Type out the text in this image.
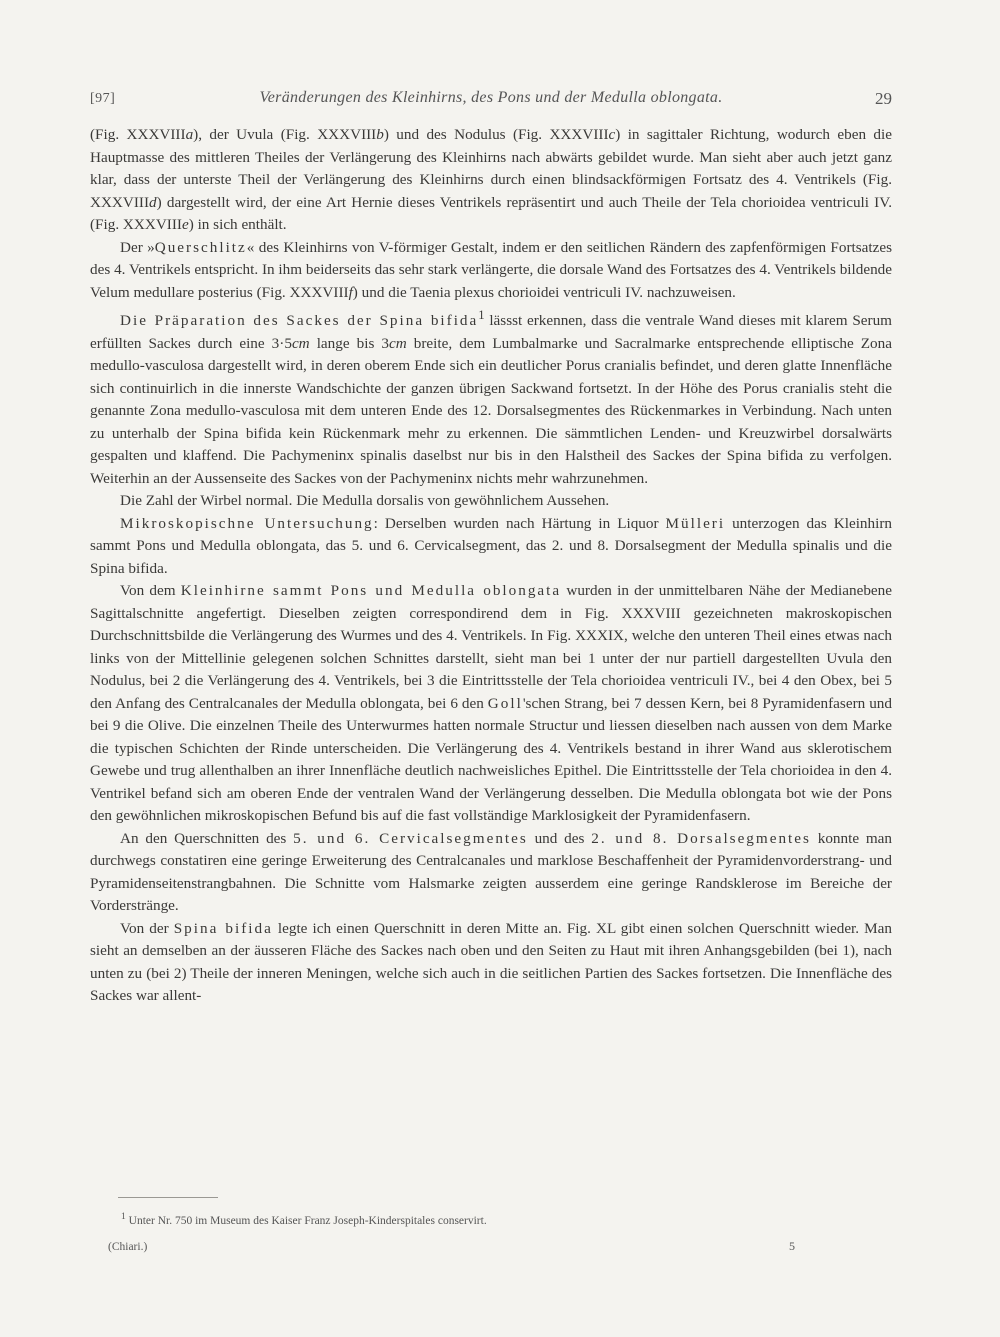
[97]	Veränderungen des Kleinhirns, des Pons und der Medulla oblongata.	29

(Fig. XXXVIIIa), der Uvula (Fig. XXXVIIIb) und des Nodulus (Fig. XXXVIIIc) in sagittaler Richtung, wodurch eben die Hauptmasse des mittleren Theiles der Verlängerung des Kleinhirns nach abwärts gebildet wurde. Man sieht aber auch jetzt ganz klar, dass der unterste Theil der Verlängerung des Kleinhirns durch einen blindsackförmigen Fortsatz des 4. Ventrikels (Fig. XXXVIIId) dargestellt wird, der eine Art Hernie dieses Ventrikels repräsentirt und auch Theile der Tela chorioidea ventriculi IV. (Fig. XXXVIIIe) in sich enthält.

Der »Querschlitz« des Kleinhirns von V-förmiger Gestalt, indem er den seitlichen Rändern des zapfenförmigen Fortsatzes des 4. Ventrikels entspricht. In ihm beiderseits das sehr stark verlängerte, die dorsale Wand des Fortsatzes des 4. Ventrikels bildende Velum medullare posterius (Fig. XXXVIIIf) und die Taenia plexus chorioidei ventriculi IV. nachzuweisen.

Die Präparation des Sackes der Spina bifida$^1$ lässst erkennen, dass die ventrale Wand dieses mit klarem Serum erfüllten Sackes durch eine 3·5cm lange bis 3cm breite, dem Lumbalmarke und Sacralmarke entsprechende elliptische Zona medullo-vasculosa dargestellt wird, in deren oberem Ende sich ein deutlicher Porus cranialis befindet, und deren glatte Innenfläche sich continuirlich in die innerste Wandschichte der ganzen übrigen Sackwand fortsetzt. In der Höhe des Porus cranialis steht die genannte Zona medullo-vasculosa mit dem unteren Ende des 12. Dorsalsegmentes des Rückenmarkes in Verbindung. Nach unten zu unterhalb der Spina bifida kein Rückenmark mehr zu erkennen. Die sämmtlichen Lenden- und Kreuzwirbel dorsalwärts gespalten und klaffend. Die Pachymeninx spinalis daselbst nur bis in den Halstheil des Sackes der Spina bifida zu verfolgen. Weiterhin an der Aussenseite des Sackes von der Pachymeninx nichts mehr wahrzunehmen.

Die Zahl der Wirbel normal. Die Medulla dorsalis von gewöhnlichem Aussehen.

Mikroskopischne Untersuchung: Derselben wurden nach Härtung in Liquor Mülleri unterzogen das Kleinhirn sammt Pons und Medulla oblongata, das 5. und 6. Cervicalsegment, das 2. und 8. Dorsalsegment der Medulla spinalis und die Spina bifida.

Von dem Kleinhirne sammt Pons und Medulla oblongata wurden in der unmittelbaren Nähe der Medianebene Sagittalschnitte angefertigt. Dieselben zeigten correspondirend dem in Fig. XXXVIII gezeichneten makroskopischen Durchschnittsbilde die Verlängerung des Wurmes und des 4. Ventrikels. In Fig. XXXIX, welche den unteren Theil eines etwas nach links von der Mittellinie gelegenen solchen Schnittes darstellt, sieht man bei 1 unter der nur partiell dargestellten Uvula den Nodulus, bei 2 die Verlängerung des 4. Ventrikels, bei 3 die Eintrittsstelle der Tela chorioidea ventriculi IV., bei 4 den Obex, bei 5 den Anfang des Centralcanales der Medulla oblongata, bei 6 den Goll'schen Strang, bei 7 dessen Kern, bei 8 Pyramidenfasern und bei 9 die Olive. Die einzelnen Theile des Unterwurmes hatten normale Structur und liessen dieselben nach aussen von dem Marke die typischen Schichten der Rinde unterscheiden. Die Verlängerung des 4. Ventrikels bestand in ihrer Wand aus sklerotischem Gewebe und trug allenthalben an ihrer Innenfläche deutlich nachweisliches Epithel. Die Eintrittsstelle der Tela chorioidea in den 4. Ventrikel befand sich am oberen Ende der ventralen Wand der Verlängerung desselben. Die Medulla oblongata bot wie der Pons den gewöhnlichen mikroskopischen Befund bis auf die fast vollständige Marklosigkeit der Pyramidenfasern.

An den Querschnitten des 5. und 6. Cervicalsegmentes und des 2. und 8. Dorsalsegmentes konnte man durchwegs constatiren eine geringe Erweiterung des Centralcanales und marklose Beschaffenheit der Pyramidenvorderstrang- und Pyramidenseitenstrangbahnen. Die Schnitte vom Halsmarke zeigten ausserdem eine geringe Randsklerose im Bereiche der Vorderstränge.

Von der Spina bifida legte ich einen Querschnitt in deren Mitte an. Fig. XL gibt einen solchen Querschnitt wieder. Man sieht an demselben an der äusseren Fläche des Sackes nach oben und den Seiten zu Haut mit ihren Anhangsgebilden (bei 1), nach unten zu (bei 2) Theile der inneren Meningen, welche sich auch in die seitlichen Partien des Sackes fortsetzen. Die Innenfläche des Sackes war allent-

$^1$ Unter Nr. 750 im Museum des Kaiser Franz Joseph-Kinderspitales conservirt.
(Chiari.)	5
